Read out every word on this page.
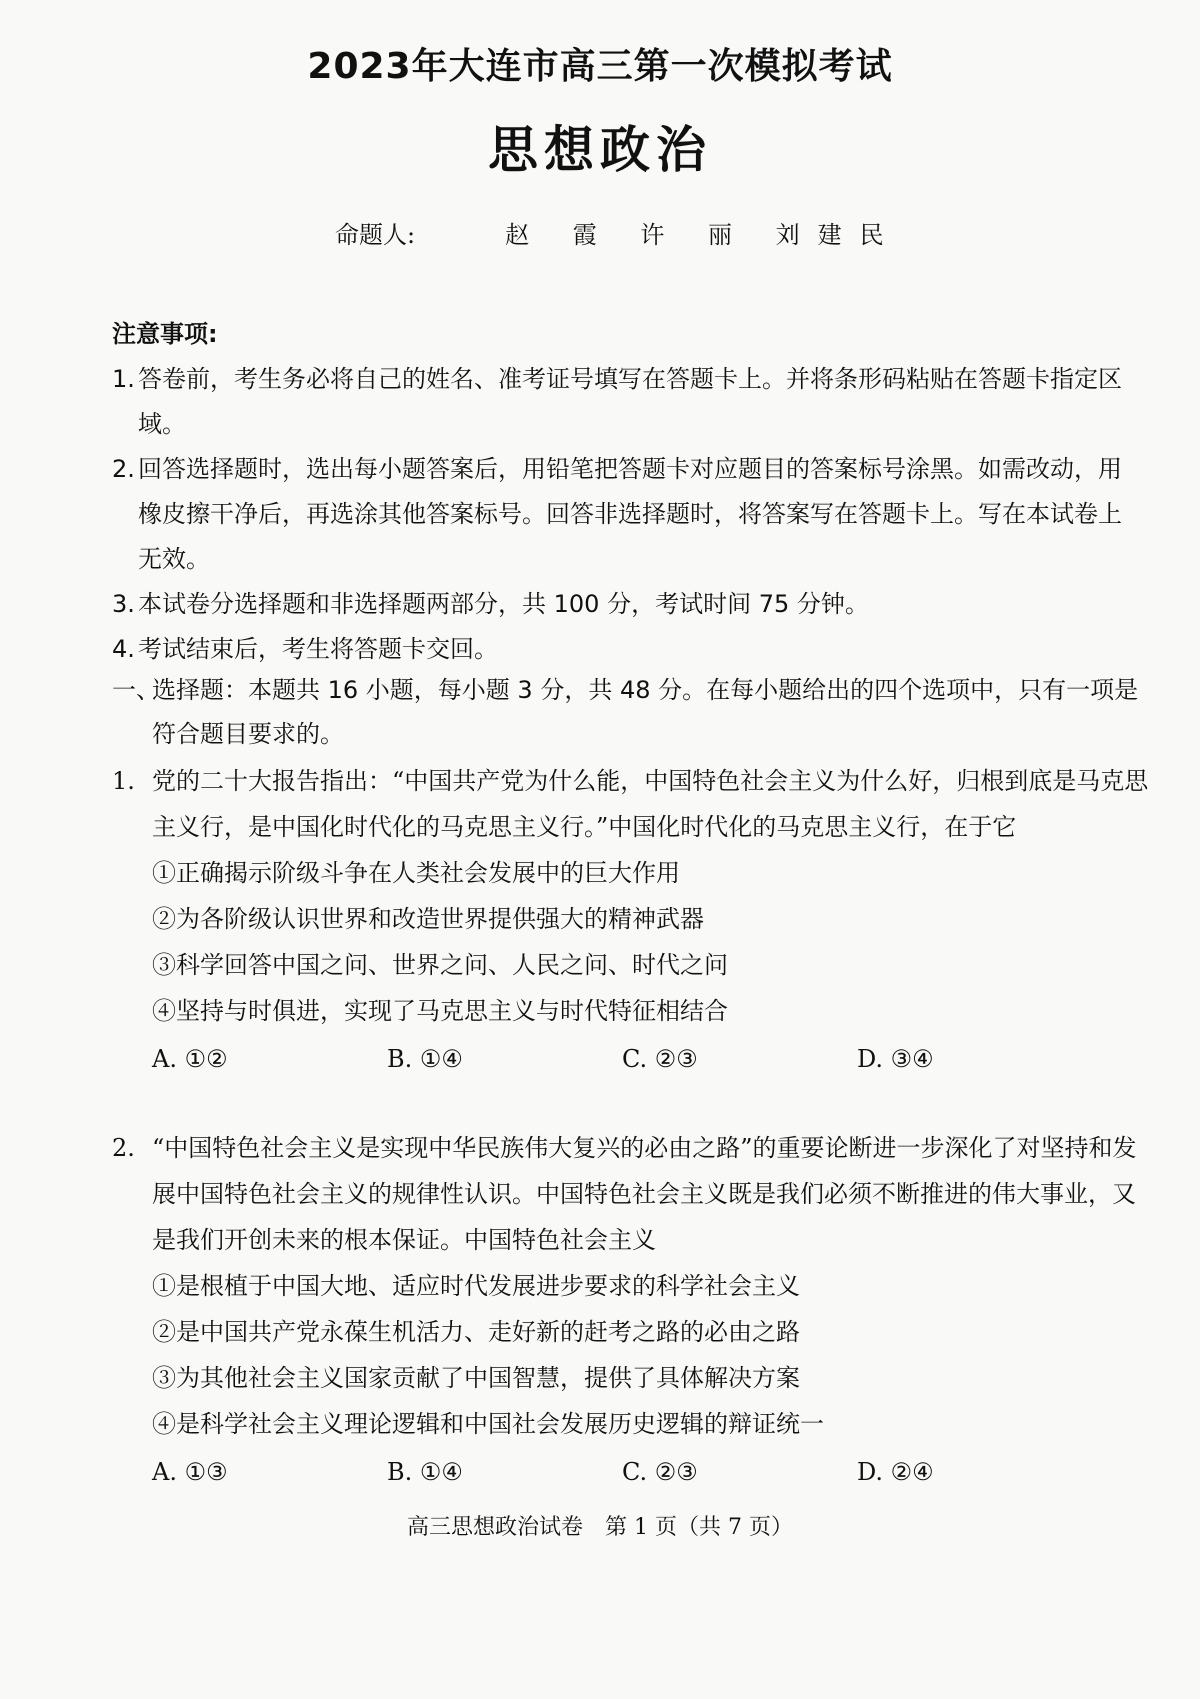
2023年大连市高三第一次模拟考试
思想政治
命题人:	赵 霞 许 丽 刘建民
注意事项:
1. 答卷前，考生务必将自己的姓名、准考证号填写在答题卡上。并将条形码粘贴在答题卡指定区域。
2. 回答选择题时，选出每小题答案后，用铅笔把答题卡对应题目的答案标号涂黑。如需改动，用橡皮擦干净后，再选涂其他答案标号。回答非选择题时，将答案写在答题卡上。写在本试卷上无效。
3. 本试卷分选择题和非选择题两部分，共 100 分，考试时间 75 分钟。
4. 考试结束后，考生将答题卡交回。
一、
选择题：本题共 16 小题，每小题 3 分，共 48 分。在每小题给出的四个选项中，只有一项是符合题目要求的。
1. 党的二十大报告指出：“中国共产党为什么能，中国特色社会主义为什么好，归根到底是马克思主义行，是中国化时代化的马克思主义行。”中国化时代化的马克思主义行，在于它
①正确揭示阶级斗争在人类社会发展中的巨大作用
②为各阶级认识世界和改造世界提供强大的精神武器
③科学回答中国之问、世界之问、人民之问、时代之问
④坚持与时俱进，实现了马克思主义与时代特征相结合
A. ①②	B. ①④	C. ②③	D. ③④
2. “中国特色社会主义是实现中华民族伟大复兴的必由之路”的重要论断进一步深化了对坚持和发展中国特色社会主义的规律性认识。中国特色社会主义既是我们必须不断推进的伟大事业，又是我们开创未来的根本保证。中国特色社会主义
①是根植于中国大地、适应时代发展进步要求的科学社会主义
②是中国共产党永葆生机活力、走好新的赶考之路的必由之路
③为其他社会主义国家贡献了中国智慧，提供了具体解决方案
④是科学社会主义理论逻辑和中国社会发展历史逻辑的辩证统一
A. ①③	B. ①④	C. ②③	D. ②④
高三思想政治试卷　第 1 页（共 7 页）
